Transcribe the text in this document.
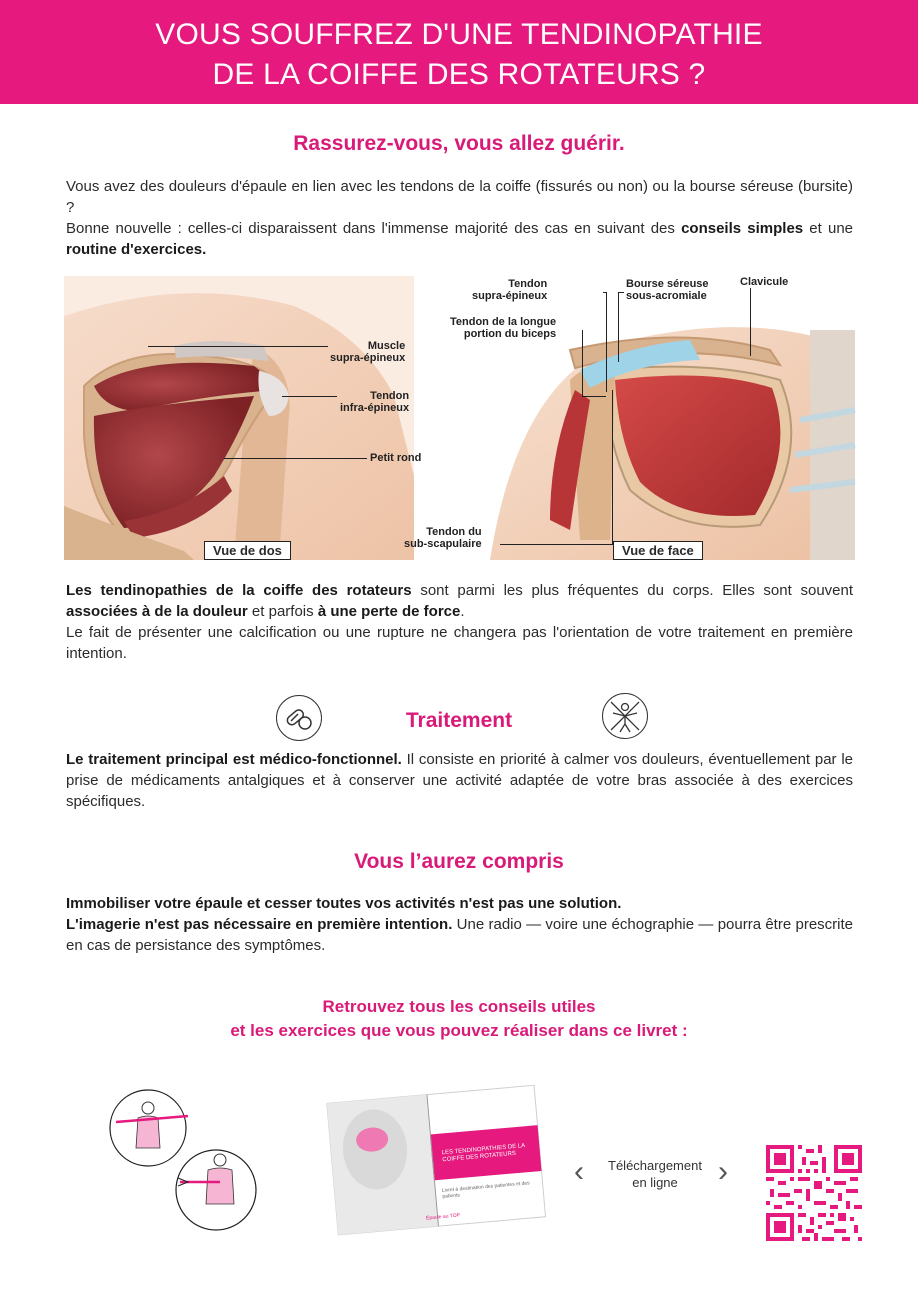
VOUS SOUFFREZ D'UNE TENDINOPATHIE
DE LA COIFFE DES ROTATEURS ?
Rassurez-vous, vous allez guérir.
Vous avez des douleurs d'épaule en lien avec les tendons de la coiffe (fissurés ou non) ou la bourse séreuse (bursite) ?
Bonne nouvelle : celles-ci disparaissent dans l'immense majorité des cas en suivant des conseils simples et une routine d'exercices.
Muscle
supra-épineux
Tendon
infra-épineux
Petit rond
Vue de dos
Tendon
supra-épineux
Bourse séreuse
sous-acromiale
Clavicule
Tendon de la longue
portion du biceps
Tendon du
sub-scapulaire	Vue de face
Les tendinopathies de la coiffe des rotateurs sont parmi les plus fréquentes du corps. Elles sont souvent associées à de la douleur et parfois à une perte de force.
Le fait de présenter une calcification ou une rupture ne changera pas l'orientation de votre traitement en première intention.
Traitement
Le traitement principal est médico-fonctionnel. Il consiste en priorité à calmer vos douleurs, éventuellement par le prise de médicaments antalgiques et à conserver une activité adaptée de votre bras associée à des exercices spécifiques.
Vous l’aurez compris
Immobiliser votre épaule et cesser toutes vos activités n'est pas une solution.
L'imagerie n'est pas nécessaire en première intention. Une radio — voire une échographie — pourra être prescrite en cas de persistance des symptômes.
Retrouvez tous les conseils utiles
et les exercices que vous pouvez réaliser dans ce livret :
LES TENDINOPATHIES DE LA COIFFE DES ROTATEURS
Livret à destination des patientes et des patients
Épaule au TOP
‹	Téléchargement
en ligne	›
